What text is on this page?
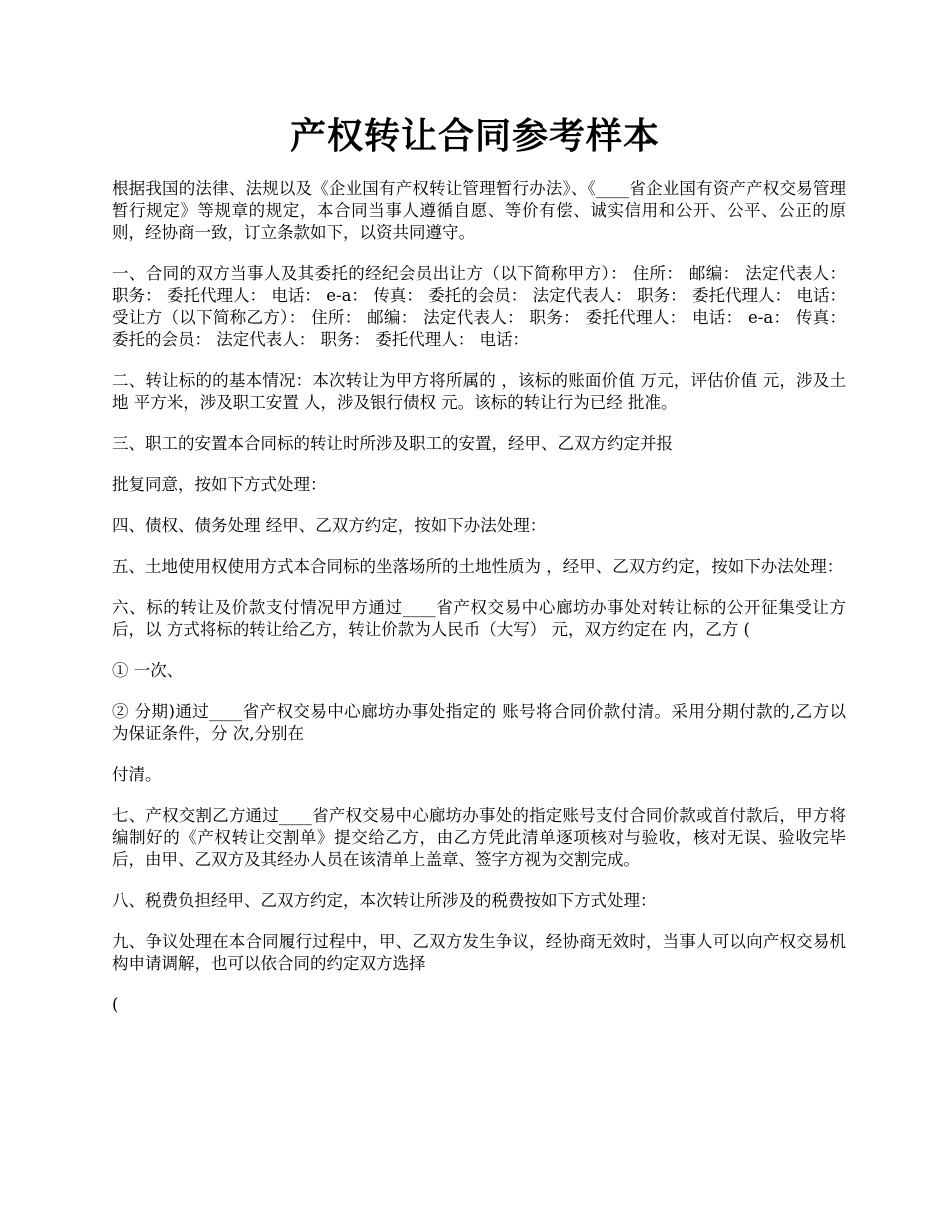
产权转让合同参考样本

根据我国的法律、法规以及《企业国有产权转让管理暂行办法》、《____省企业国有资产产权交易管理暂行规定》等规章的规定，本合同当事人遵循自愿、等价有偿、诚实信用和公开、公平、公正的原则，经协商一致，订立条款如下，以资共同遵守。

一、合同的双方当事人及其委托的经纪会员出让方（以下简称甲方）： 住所： 邮编： 法定代表人： 职务： 委托代理人： 电话： e-a： 传真： 委托的会员： 法定代表人： 职务： 委托代理人： 电话： 受让方（以下简称乙方）： 住所： 邮编： 法定代表人： 职务： 委托代理人： 电话： e-a： 传真： 委托的会员： 法定代表人： 职务： 委托代理人： 电话：

二、转让标的的基本情况：本次转让为甲方将所属的 ，该标的账面价值 万元，评估价值 元，涉及土地 平方米，涉及职工安置 人，涉及银行债权 元。该标的转让行为已经 批准。

三、职工的安置本合同标的转让时所涉及职工的安置，经甲、乙双方约定并报

批复同意，按如下方式处理：

四、债权、债务处理 经甲、乙双方约定，按如下办法处理：

五、土地使用权使用方式本合同标的坐落场所的土地性质为 ，经甲、乙双方约定，按如下办法处理：

六、标的转让及价款支付情况甲方通过____省产权交易中心廊坊办事处对转让标的公开征集受让方后，以 方式将标的转让给乙方，转让价款为人民币（大写） 元，双方约定在 内，乙方 (

① 一次、

② 分期)通过____省产权交易中心廊坊办事处指定的 账号将合同价款付清。采用分期付款的,乙方以 为保证条件，分 次,分别在

付清。

七、产权交割乙方通过____省产权交易中心廊坊办事处的指定账号支付合同价款或首付款后，甲方将编制好的《产权转让交割单》提交给乙方，由乙方凭此清单逐项核对与验收，核对无误、验收完毕后，由甲、乙双方及其经办人员在该清单上盖章、签字方视为交割完成。

八、税费负担经甲、乙双方约定，本次转让所涉及的税费按如下方式处理：

九、争议处理在本合同履行过程中，甲、乙双方发生争议，经协商无效时，当事人可以向产权交易机构申请调解，也可以依合同的约定双方选择

(
